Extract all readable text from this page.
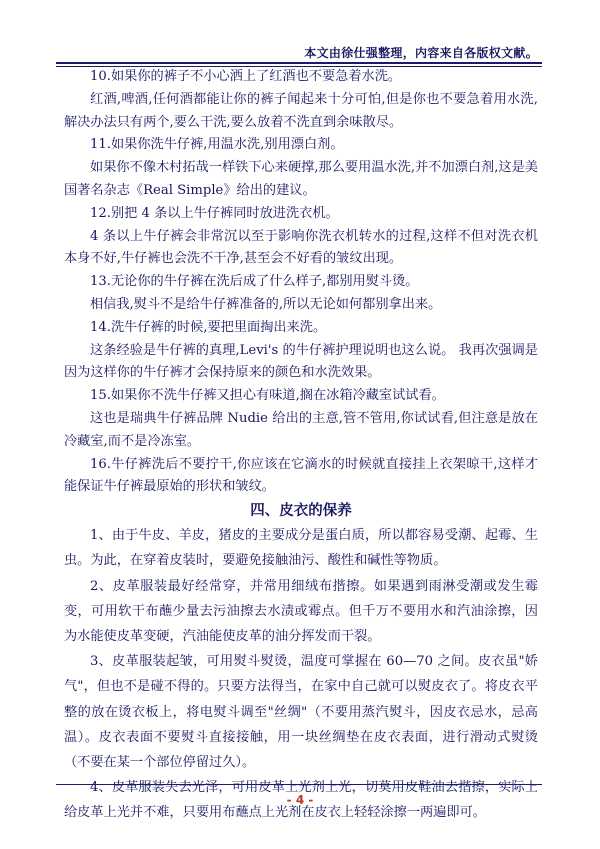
本文由徐仕强整理，内容来自各版权文献。

10.如果你的裤子不小心洒上了红酒也不要急着水洗。

红酒,啤酒,任何酒都能让你的裤子闻起来十分可怕,但是你也不要急着用水洗,解决办法只有两个,要么干洗,要么放着不洗直到余味散尽。

11.如果你洗牛仔裤,用温水洗,别用漂白剂。

如果你不像木村拓哉一样铁下心来硬撑,那么要用温水洗,并不加漂白剂,这是美国著名杂志《Real Simple》给出的建议。

12.别把 4 条以上牛仔裤同时放进洗衣机。

4 条以上牛仔裤会非常沉以至于影响你洗衣机转水的过程,这样不但对洗衣机本身不好,牛仔裤也会洗不干净,甚至会不好看的皱纹出现。

13.无论你的牛仔裤在洗后成了什么样子,都别用熨斗烫。

相信我,熨斗不是给牛仔裤准备的,所以无论如何都别拿出来。

14.洗牛仔裤的时候,要把里面掏出来洗。

这条经验是牛仔裤的真理,Levi's 的牛仔裤护理说明也这么说。 我再次强调是因为这样你的牛仔裤才会保持原来的颜色和水洗效果。

15.如果你不洗牛仔裤又担心有味道,搁在冰箱冷藏室试试看。

这也是瑞典牛仔裤品牌 Nudie 给出的主意,管不管用,你试试看,但注意是放在冷藏室,而不是冷冻室。

16.牛仔裤洗后不要拧干,你应该在它滴水的时候就直接挂上衣架晾干,这样才能保证牛仔裤最原始的形状和皱纹。

四、皮衣的保养

1、由于牛皮、羊皮，猪皮的主要成分是蛋白质，所以都容易受潮、起霉、生虫。为此，在穿着皮装时，要避免接触油污、酸性和碱性等物质。

2、皮革服装最好经常穿，并常用细绒布揩擦。如果遇到雨淋受潮或发生霉变，可用软干布蘸少量去污油擦去水渍或霉点。但千万不要用水和汽油涂擦，因为水能使皮革变硬，汽油能使皮革的油分挥发而干裂。

3、皮革服装起皱，可用熨斗熨烫，温度可掌握在 60—70 之间。皮衣虽"娇气"，但也不是碰不得的。只要方法得当，在家中自己就可以熨皮衣了。将皮衣平整的放在烫衣板上，将电熨斗调至"丝绸"（不要用蒸汽熨斗，因皮衣忌水，忌高温）。皮衣表面不要熨斗直接接触，用一块丝绸垫在皮衣表面，进行滑动式熨烫（不要在某一个部位停留过久）。

4、皮革服装失去光泽，可用皮革上光剂上光，切莫用皮鞋油去揩擦，实际上给皮革上光并不难，只要用布蘸点上光剂在皮衣上轻轻涂擦一两遍即可。

- 4 -
